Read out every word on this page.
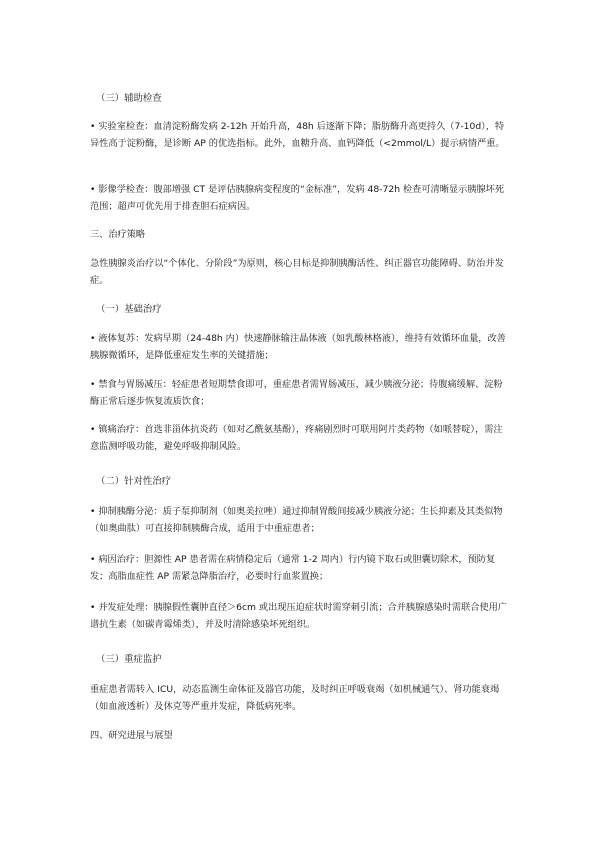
（三）辅助检查
• 实验室检查：血清淀粉酶发病 2-12h 开始升高，48h 后逐渐下降；脂肪酶升高更持久（7-10d），特异性高于淀粉酶，是诊断 AP 的优选指标。此外，血糖升高、血钙降低（<2mmol/L）提示病情严重。
• 影像学检查：腹部增强 CT 是评估胰腺病变程度的“金标准”，发病 48-72h 检查可清晰显示胰腺坏死范围；超声可优先用于排查胆石症病因。
三、治疗策略
急性胰腺炎治疗以“个体化、分阶段”为原则，核心目标是抑制胰酶活性、纠正器官功能障碍、防治并发症。
（一）基础治疗
• 液体复苏：发病早期（24-48h 内）快速静脉输注晶体液（如乳酸林格液），维持有效循环血量，改善胰腺微循环，是降低重症发生率的关键措施；
• 禁食与胃肠减压：轻症患者短期禁食即可，重症患者需胃肠减压，减少胰液分泌；待腹痛缓解、淀粉酶正常后逐步恢复流质饮食；
• 镇痛治疗：首选非甾体抗炎药（如对乙酰氨基酚），疼痛剧烈时可联用阿片类药物（如哌替啶），需注意监测呼吸功能，避免呼吸抑制风险。
（二）针对性治疗
• 抑制胰酶分泌：质子泵抑制剂（如奥美拉唑）通过抑制胃酸间接减少胰液分泌；生长抑素及其类似物（如奥曲肽）可直接抑制胰酶合成，适用于中重症患者；
• 病因治疗：胆源性 AP 患者需在病情稳定后（通常 1-2 周内）行内镜下取石或胆囊切除术，预防复发；高脂血症性 AP 需紧急降脂治疗，必要时行血浆置换；
• 并发症处理：胰腺假性囊肿直径＞6cm 或出现压迫症状时需穿刺引流；合并胰腺感染时需联合使用广谱抗生素（如碳青霉烯类），并及时清除感染坏死组织。
（三）重症监护
重症患者需转入 ICU，动态监测生命体征及器官功能，及时纠正呼吸衰竭（如机械通气）、肾功能衰竭（如血液透析）及休克等严重并发症，降低病死率。
四、研究进展与展望
